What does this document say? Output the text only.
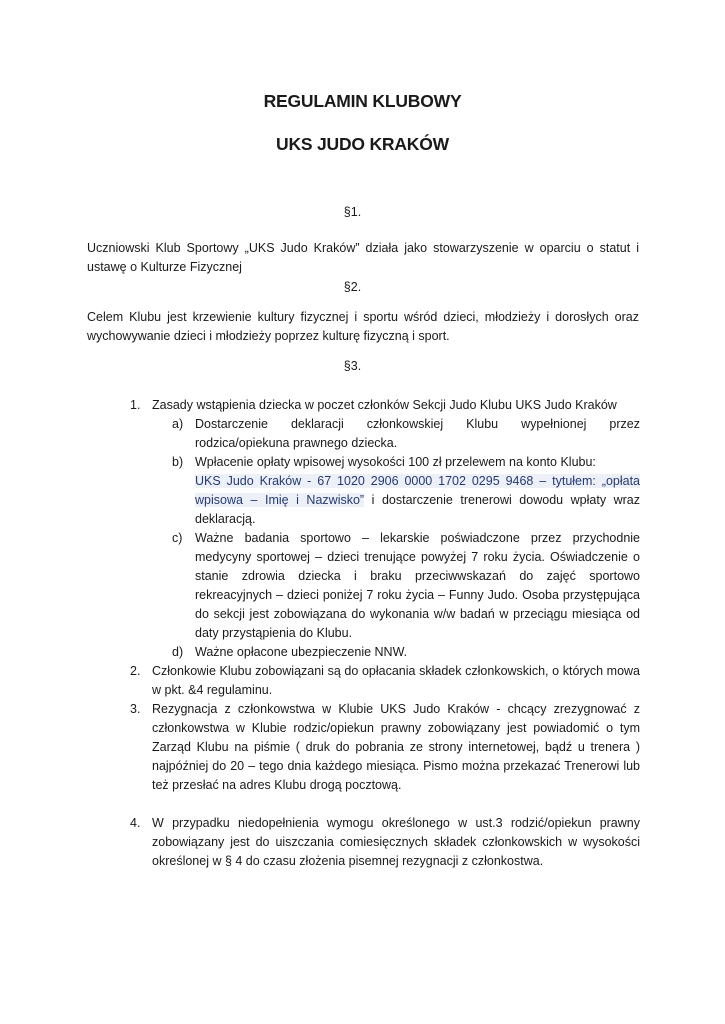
REGULAMIN KLUBOWY
UKS JUDO KRAKÓW
§1.
Uczniowski Klub Sportowy „UKS Judo Kraków” działa jako stowarzyszenie w oparciu o statut i ustawę o Kulturze Fizycznej
§2.
Celem Klubu jest krzewienie kultury fizycznej i sportu wśród dzieci, młodzieży i dorosłych oraz wychowywanie dzieci i młodzieży poprzez kulturę fizyczną i sport.
§3.
1. Zasady wstąpienia dziecka w poczet członków Sekcji Judo Klubu UKS Judo Kraków
a) Dostarczenie deklaracji członkowskiej Klubu wypełnionej przez rodzica/opiekuna prawnego dziecka.
b) Wpłacenie opłaty wpisowej wysokości 100 zł przelewem na konto Klubu:
UKS Judo Kraków - 67 1020 2906 0000 1702 0295 9468 – tytułem: „opłata wpisowa – Imię i Nazwisko” i dostarczenie trenerowi dowodu wpłaty wraz deklaracją.
c) Ważne badania sportowo – lekarskie poświadczone przez przychodnie medycyny sportowej – dzieci trenujące powyżej 7 roku życia. Oświadczenie o stanie zdrowia dziecka i braku przeciwwskazań do zajęć sportowo rekreacyjnych – dzieci poniżej 7 roku życia – Funny Judo. Osoba przystępująca do sekcji jest zobowiązana do wykonania w/w badań w przeciągu miesiąca od daty przystąpienia do Klubu.
d) Ważne opłacone ubezpieczenie NNW.
2. Członkowie Klubu zobowiązani są do opłacania składek członkowskich, o których mowa w pkt. &4 regulaminu.
3. Rezygnacja z członkowstwa w Klubie UKS Judo Kraków - chcący zrezygnować z członkowstwa w Klubie rodzic/opiekun prawny zobowiązany jest powiadomić o tym Zarząd Klubu na piśmie ( druk do pobrania ze strony internetowej, bądź u trenera ) najpóźniej do 20 – tego dnia każdego miesiąca. Pismo można przekazać Trenerowi lub też przesłać na adres Klubu drogą pocztową.
4. W przypadku niedopełnienia wymogu określonego w ust.3 rodzić/opiekun prawny zobowiązany jest do uiszczania comiesięcznych składek członkowskich w wysokości określonej w § 4 do czasu złożenia pisemnej rezygnacji z członkostwa.
